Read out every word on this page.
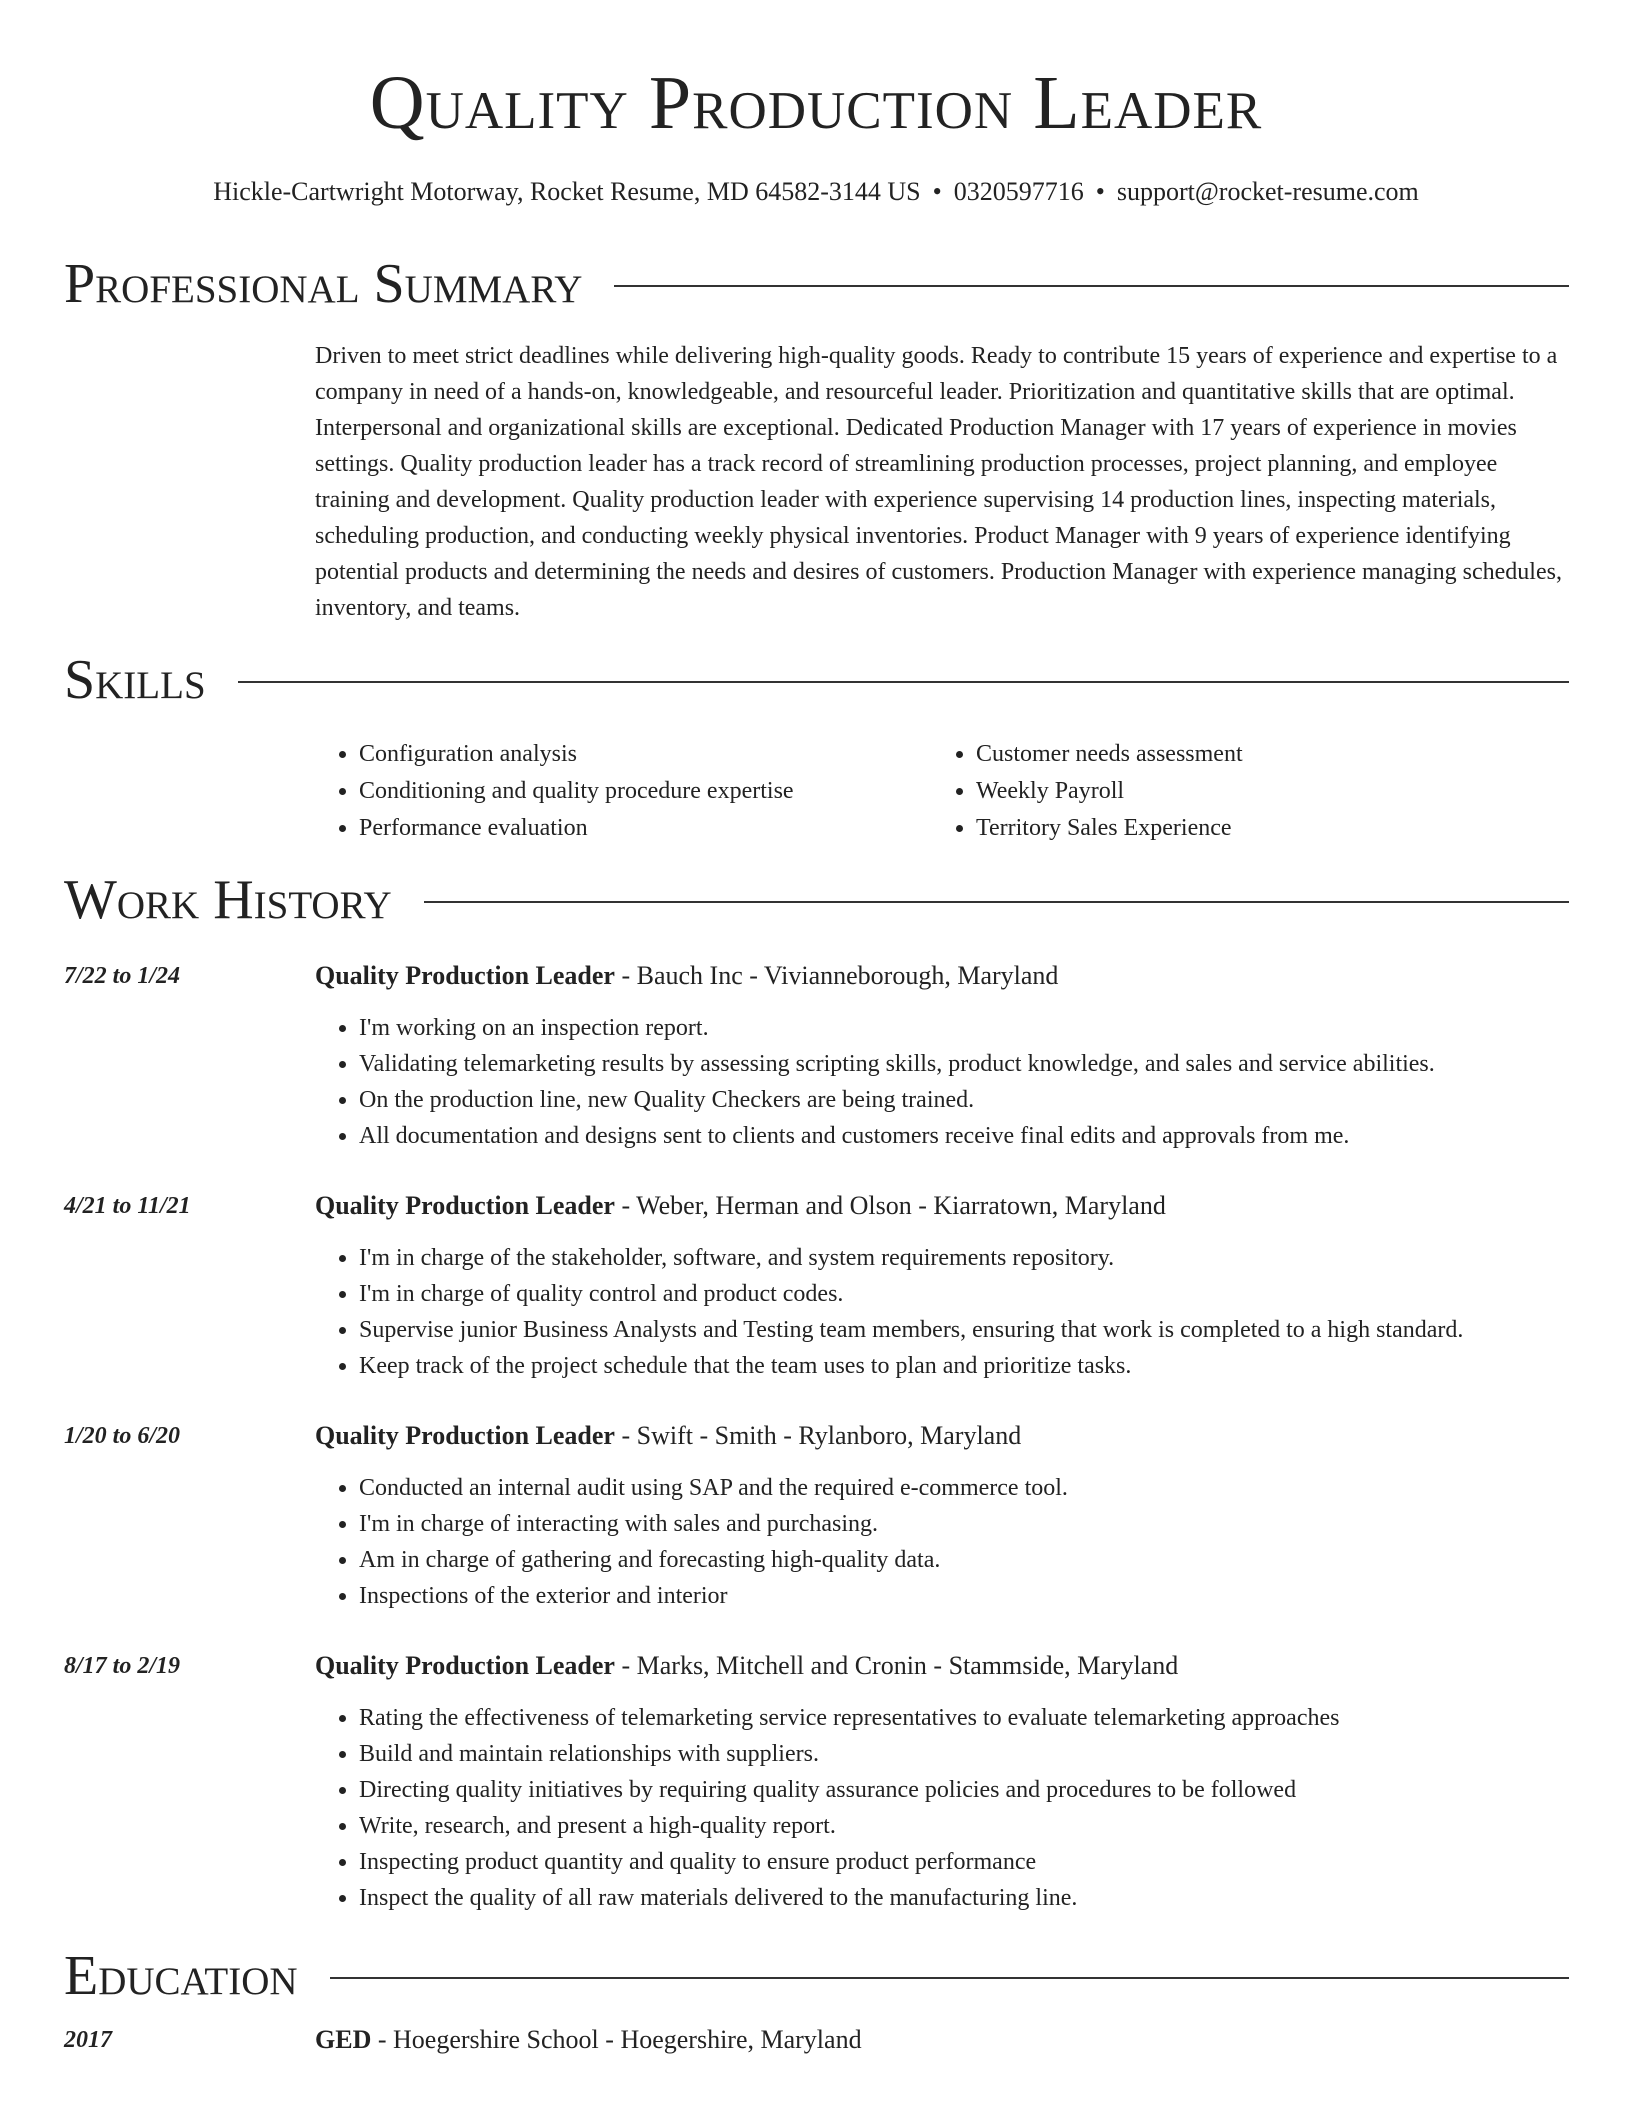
Quality Production Leader
Hickle-Cartwright Motorway, Rocket Resume, MD 64582-3144 US • 0320597716 • support@rocket-resume.com
Professional Summary

Driven to meet strict deadlines while delivering high-quality goods. Ready to contribute 15 years of experience and expertise to a company in need of a hands-on, knowledgeable, and resourceful leader. Prioritization and quantitative skills that are optimal. Interpersonal and organizational skills are exceptional. Dedicated Production Manager with 17 years of experience in movies settings. Quality production leader has a track record of streamlining production processes, project planning, and employee training and development. Quality production leader with experience supervising 14 production lines, inspecting materials, scheduling production, and conducting weekly physical inventories. Product Manager with 9 years of experience identifying potential products and determining the needs and desires of customers. Production Manager with experience managing schedules, inventory, and teams.

Skills
• Configuration analysis
• Conditioning and quality procedure expertise
• Performance evaluation
• Customer needs assessment
• Weekly Payroll
• Territory Sales Experience
Work History
7/22 to 1/24	Quality Production Leader - Bauch Inc - Vivianneborough, Maryland
• I'm working on an inspection report.
• Validating telemarketing results by assessing scripting skills, product knowledge, and sales and service abilities.
• On the production line, new Quality Checkers are being trained.
• All documentation and designs sent to clients and customers receive final edits and approvals from me.
4/21 to 11/21	Quality Production Leader - Weber, Herman and Olson - Kiarratown, Maryland
• I'm in charge of the stakeholder, software, and system requirements repository.
• I'm in charge of quality control and product codes.
• Supervise junior Business Analysts and Testing team members, ensuring that work is completed to a high standard.
• Keep track of the project schedule that the team uses to plan and prioritize tasks.
1/20 to 6/20	Quality Production Leader - Swift - Smith - Rylanboro, Maryland
• Conducted an internal audit using SAP and the required e-commerce tool.
• I'm in charge of interacting with sales and purchasing.
• Am in charge of gathering and forecasting high-quality data.
• Inspections of the exterior and interior
8/17 to 2/19	Quality Production Leader - Marks, Mitchell and Cronin - Stammside, Maryland
• Rating the effectiveness of telemarketing service representatives to evaluate telemarketing approaches
• Build and maintain relationships with suppliers.
• Directing quality initiatives by requiring quality assurance policies and procedures to be followed
• Write, research, and present a high-quality report.
• Inspecting product quantity and quality to ensure product performance
• Inspect the quality of all raw materials delivered to the manufacturing line.
Education
2017	GED - Hoegershire School - Hoegershire, Maryland
